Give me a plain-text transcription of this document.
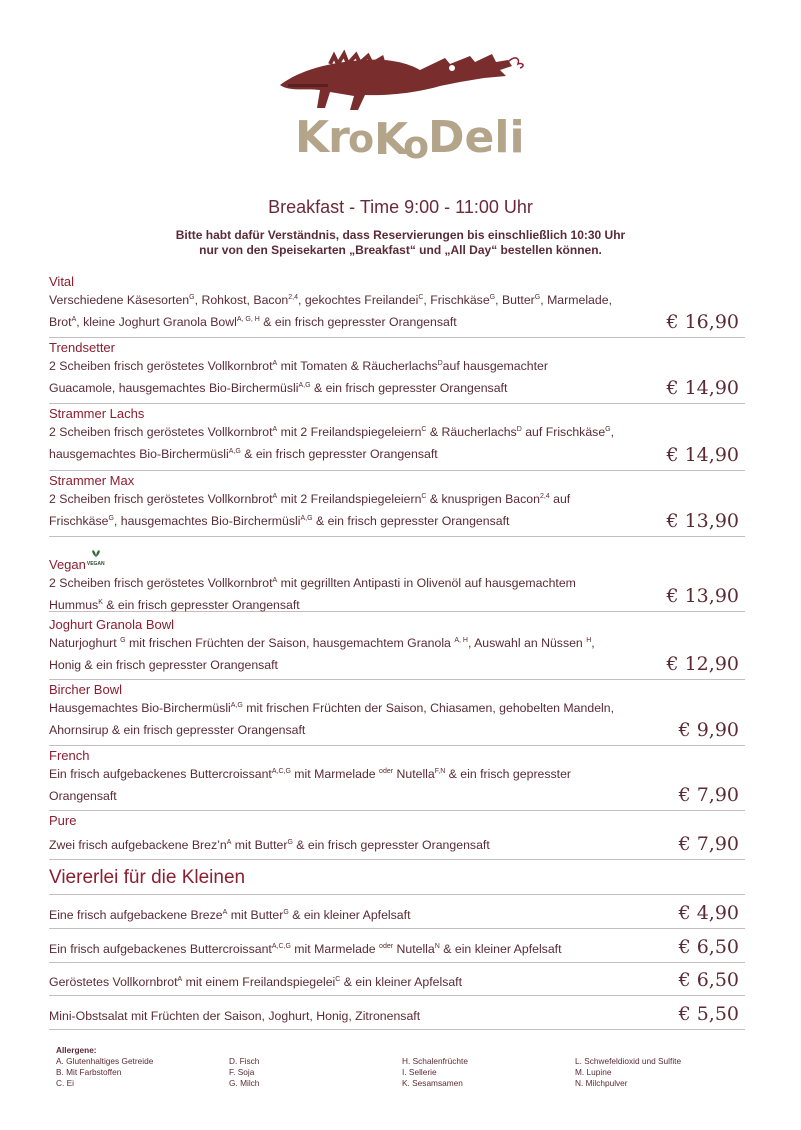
Kr o K
o
Deli
Breakfast - Time 9:00 - 11:00 Uhr
Bitte habt dafür Verständnis, dass Reservierungen bis einschließlich 10:30 Uhr
nur von den Speisekarten „Breakfast“ und „All Day“ bestellen können.
Vital
Verschiedene Käsesorten$^G$, Rohkost, Bacon$^{2,4}$, gekochtes Freilandei$^C$, Frischkäse$^G$, Butter$^G$, Marmelade,
Brot$^A$, kleine Joghurt Granola Bowl$^{A, G, H}$ & ein frisch gepresster Orangensaft	€ 16,90
Trendsetter
2 Scheiben frisch geröstetes Vollkornbrot$^A$ mit Tomaten & Räucherlachs$^D$auf hausgemachter
Guacamole, hausgemachtes Bio-Birchermüsli$^{A,G}$ & ein frisch gepresster Orangensaft	€ 14,90
Strammer Lachs
2 Scheiben frisch geröstetes Vollkornbrot$^A$ mit 2 Freilandspiegeleiern$^C$ & Räucherlachs$^D$ auf Frischkäse$^G$,
hausgemachtes Bio-Birchermüsli$^{A,G}$ & ein frisch gepresster Orangensaft	€ 14,90
Strammer Max
2 Scheiben frisch geröstetes Vollkornbrot$^A$ mit 2 Freilandspiegeleiern$^C$ & knusprigen Bacon$^{2,4}$ auf
Frischkäse$^G$, hausgemachtes Bio-Birchermüsli$^{A,G}$ & ein frisch gepresster Orangensaft	€ 13,90
Vegan VEGAN
2 Scheiben frisch geröstetes Vollkornbrot$^A$ mit gegrillten Antipasti in Olivenöl auf hausgemachtem
Hummus$^K$ & ein frisch gepresster Orangensaft	€ 13,90
Joghurt Granola Bowl
Naturjoghurt $^G$ mit frischen Früchten der Saison, hausgemachtem Granola $^{A, H}$, Auswahl an Nüssen $^H$,
Honig & ein frisch gepresster Orangensaft	€ 12,90
Bircher Bowl
Hausgemachtes Bio-Birchermüsli$^{A,G}$ mit frischen Früchten der Saison, Chiasamen, gehobelten Mandeln,
Ahornsirup & ein frisch gepresster Orangensaft	€ 9,90
French
Ein frisch aufgebackenes Buttercroissant$^{A,C,G}$ mit Marmelade $^{oder}$ Nutella$^{F,N}$ & ein frisch gepresster
Orangensaft	€ 7,90
Pure
Zwei frisch aufgebackene $Brez’n^A$ mit Butter$^G$ & ein frisch gepresster Orangensaft	€ 7,90
Viererlei für die Kleinen
Eine frisch aufgebackene Breze$^A$ mit Butter$^G$ & ein kleiner Apfelsaft	€ 4,90
Ein frisch aufgebackenes Buttercroissant$^{A,C,G}$ mit Marmelade $^{oder}$ Nutella$^N$ & ein kleiner Apfelsaft	€ 6,50
Geröstetes Vollkornbrot$^A$ mit einem Freilandspiegelei$^C$ & ein kleiner Apfelsaft	€ 6,50
Mini-Obstsalat mit Früchten der Saison, Joghurt, Honig, Zitronensaft	€ 5,50
Allergene:
A. Glutenhaltiges Getreide
B. Mit Farbstoffen
C. Ei
D. Fisch
F. Soja
G. Milch
H. Schalenfrüchte
I. Sellerie
K. Sesamsamen
L. Schwefeldioxid und Sulfite
M. Lupine
N. Milchpulver
